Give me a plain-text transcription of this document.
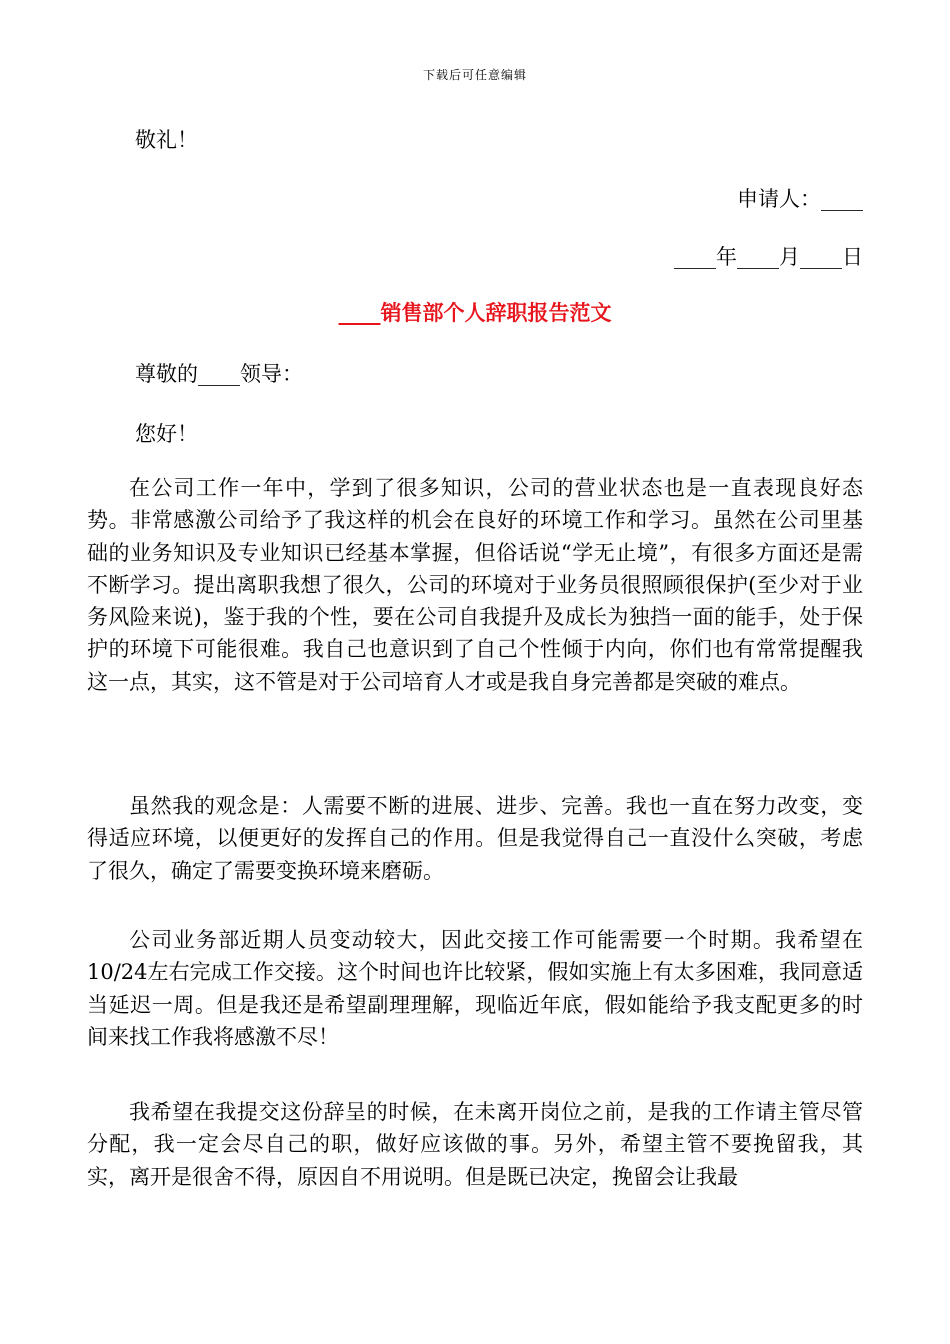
下载后可任意编辑
敬礼！
申请人：____
____年____月____日
____销售部个人辞职报告范文
尊敬的____领导：
您好！

在公司工作一年中，学到了很多知识，公司的营业状态也是一直表现良好态势。非常感激公司给予了我这样的机会在良好的环境工作和学习。虽然在公司里基础的业务知识及专业知识已经基本掌握，但俗话说“学无止境”，有很多方面还是需不断学习。提出离职我想了很久，公司的环境对于业务员很照顾很保护(至少对于业务风险来说)，鉴于我的个性，要在公司自我提升及成长为独挡一面的能手，处于保护的环境下可能很难。我自己也意识到了自己个性倾于内向，你们也有常常提醒我这一点，其实，这不管是对于公司培育人才或是我自身完善都是突破的难点。

虽然我的观念是：人需要不断的进展、进步、完善。我也一直在努力改变，变得适应环境，以便更好的发挥自己的作用。但是我觉得自己一直没什么突破，考虑了很久，确定了需要变换环境来磨砺。

公司业务部近期人员变动较大，因此交接工作可能需要一个时期。我希望在10/24左右完成工作交接。这个时间也许比较紧，假如实施上有太多困难，我同意适当延迟一周。但是我还是希望副理理解，现临近年底，假如能给予我支配更多的时间来找工作我将感激不尽！

我希望在我提交这份辞呈的时候，在未离开岗位之前，是我的工作请主管尽管分配，我一定会尽自己的职，做好应该做的事。另外，希望主管不要挽留我，其实，离开是很舍不得，原因自不用说明。但是既已决定，挽留会让我最
